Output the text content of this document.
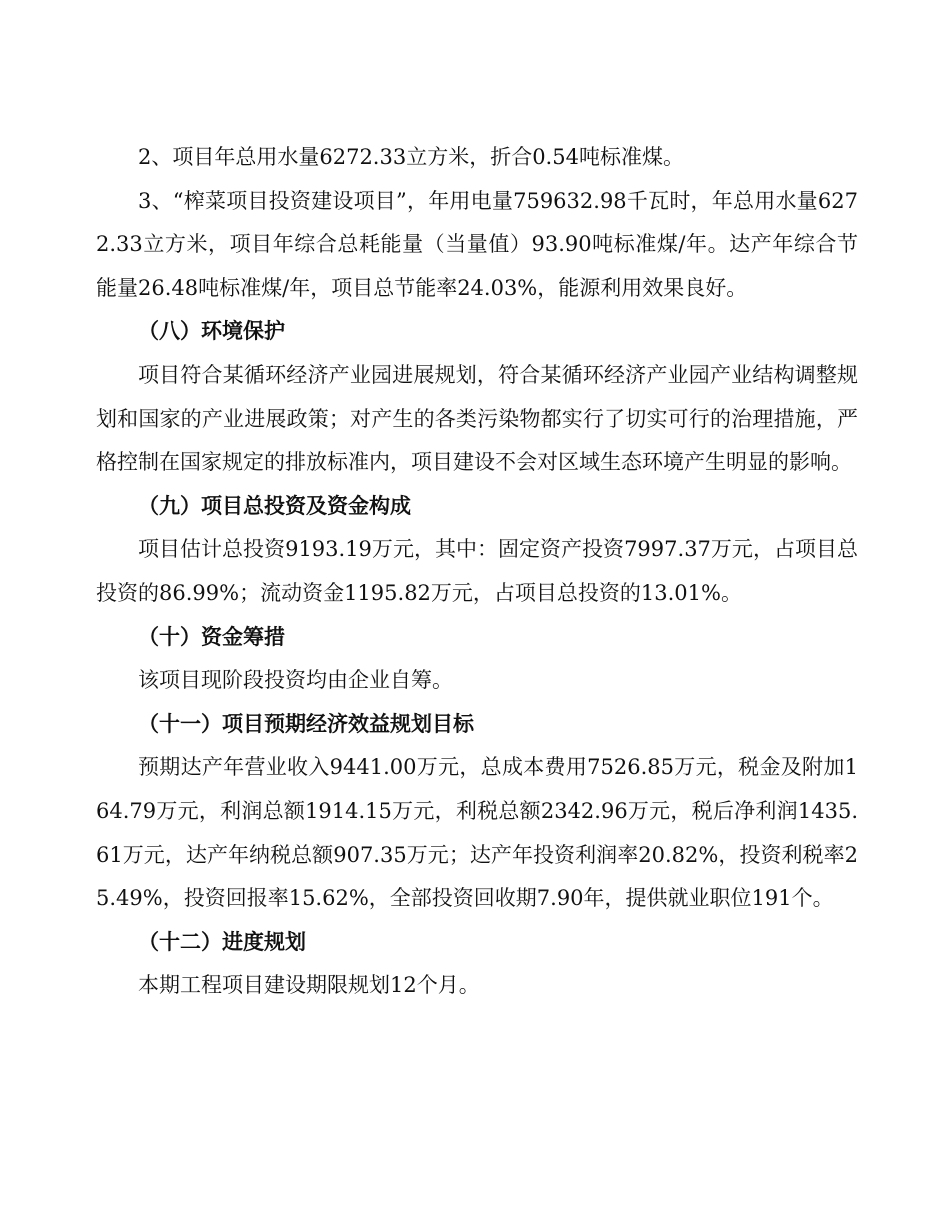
2、项目年总用水量6272.33立方米，折合0.54吨标准煤。

3、“榨菜项目投资建设项目”，年用电量759632.98千瓦时，年总用水量6272.33立方米，项目年综合总耗能量（当量值）93.90吨标准煤/年。达产年综合节能量26.48吨标准煤/年，项目总节能率24.03%，能源利用效果良好。

（八）环境保护

项目符合某循环经济产业园进展规划，符合某循环经济产业园产业结构调整规划和国家的产业进展政策；对产生的各类污染物都实行了切实可行的治理措施，严格控制在国家规定的排放标准内，项目建设不会对区域生态环境产生明显的影响。

（九）项目总投资及资金构成

项目估计总投资9193.19万元，其中：固定资产投资7997.37万元，占项目总投资的86.99%；流动资金1195.82万元，占项目总投资的13.01%。

（十）资金筹措

该项目现阶段投资均由企业自筹。

（十一）项目预期经济效益规划目标

预期达产年营业收入9441.00万元，总成本费用7526.85万元，税金及附加164.79万元，利润总额1914.15万元，利税总额2342.96万元，税后净利润1435.61万元，达产年纳税总额907.35万元；达产年投资利润率20.82%，投资利税率25.49%，投资回报率15.62%，全部投资回收期7.90年，提供就业职位191个。

（十二）进度规划

本期工程项目建设期限规划12个月。
